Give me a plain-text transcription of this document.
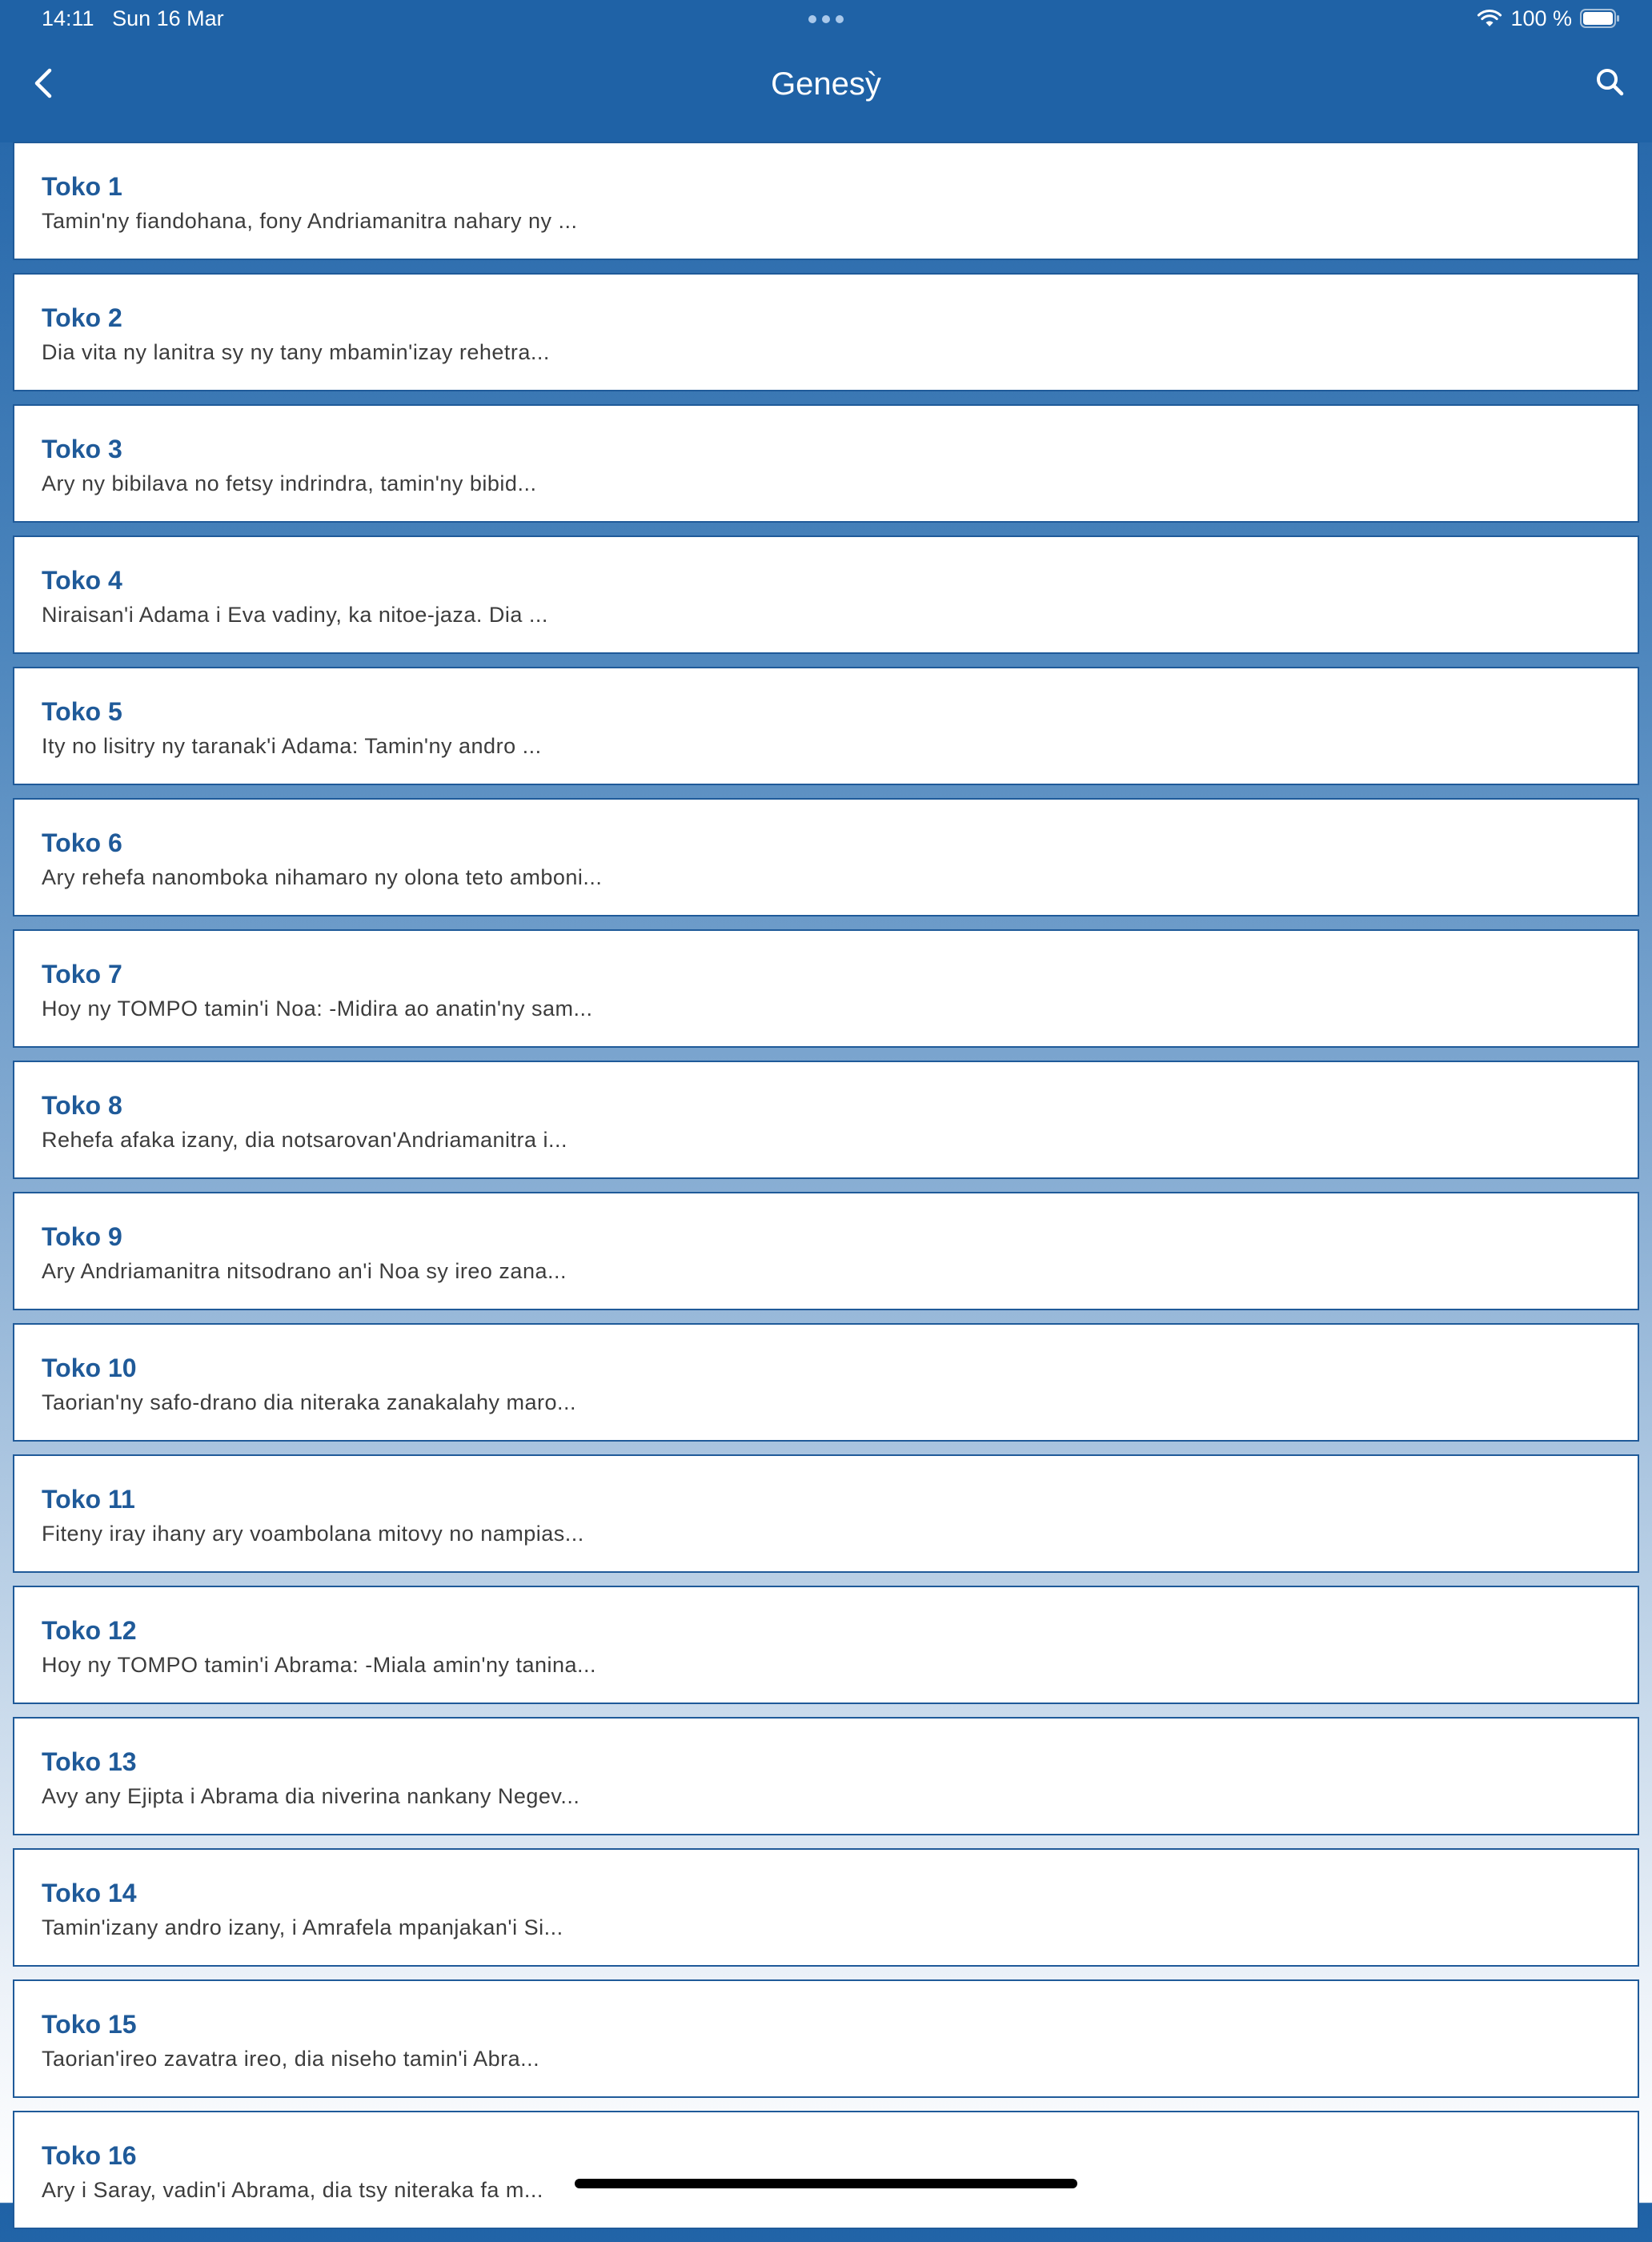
14:11   Sun 16 Mar	100 %
Genesỳ
Toko 1
Tamin'ny fiandohana, fony Andriamanitra nahary ny ...
Toko 2
Dia vita ny lanitra sy ny tany mbamin'izay rehetra...
Toko 3
Ary ny bibilava no fetsy indrindra, tamin'ny bibid...
Toko 4
Niraisan'i Adama i Eva vadiny, ka nitoe-jaza. Dia ...
Toko 5
Ity no lisitry ny taranak'i Adama: Tamin'ny andro ...
Toko 6
Ary rehefa nanomboka nihamaro ny olona teto amboni...
Toko 7
Hoy ny TOMPO tamin'i Noa: -Midira ao anatin'ny sam...
Toko 8
Rehefa afaka izany, dia notsarovan'Andriamanitra i...
Toko 9
Ary Andriamanitra nitsodrano an'i Noa sy ireo zana...
Toko 10
Taorian'ny safo-drano dia niteraka zanakalahy maro...
Toko 11
Fiteny iray ihany ary voambolana mitovy no nampias...
Toko 12
Hoy ny TOMPO tamin'i Abrama: -Miala amin'ny tanina...
Toko 13
Avy any Ejipta i Abrama dia niverina nankany Negev...
Toko 14
Tamin'izany andro izany, i Amrafela mpanjakan'i Si...
Toko 15
Taorian'ireo zavatra ireo, dia niseho tamin'i Abra...
Toko 16
Ary i Saray, vadin'i Abrama, dia tsy niteraka fa m...
